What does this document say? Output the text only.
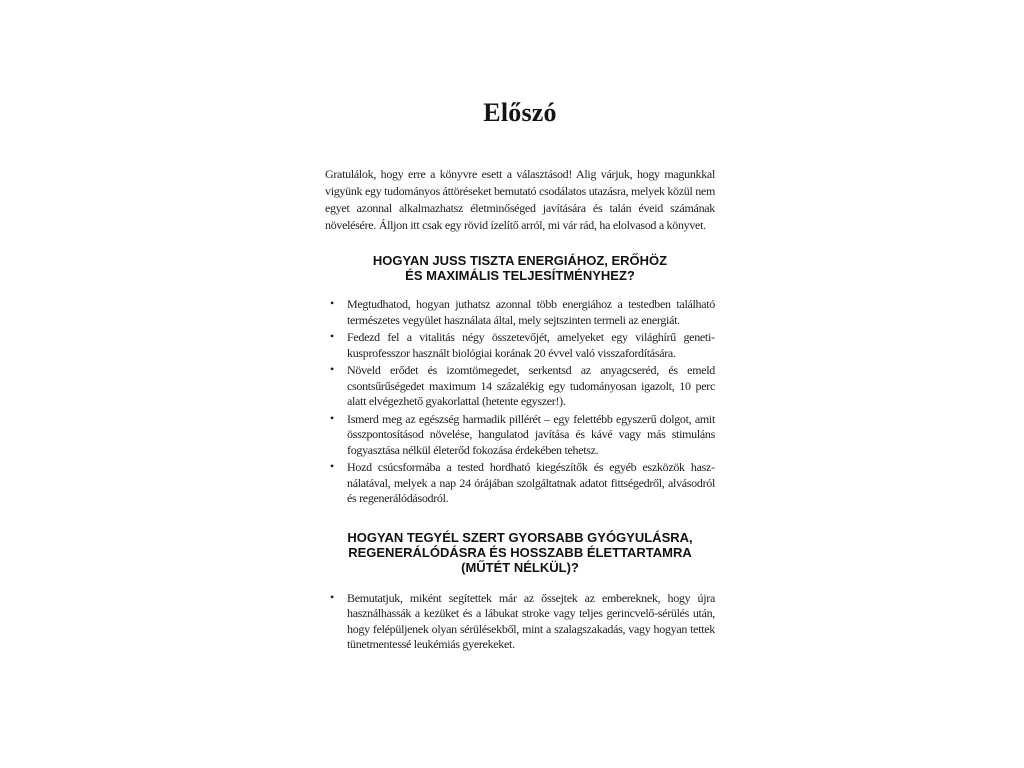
Előszó

Gratulálok, hogy erre a könyvre esett a választásod! Alig várjuk, hogy magunkkal vigyünk egy tudományos áttöréseket bemutató csodálatos utazásra, melyek közül nem egyet azonnal alkalmazhatsz életminőséged javítására és talán éveid számának növelésére. Álljon itt csak egy rövid ízelítő arról, mi vár rád, ha elolvasod a könyvet.

HOGYAN JUSS TISZTA ENERGIÁHOZ, ERŐHÖZ
ÉS MAXIMÁLIS TELJESÍTMÉNYHEZ?
• Megtudhatod, hogyan juthatsz azonnal több energiához a testedben található természetes vegyület használata által, mely sejtszinten termeli az energiát.
• Fedezd fel a vitalitás négy összetevőjét, amelyeket egy világhírű genetikusprofesszor használt biológiai korának 20 évvel való visszafordítására.
• Növeld erődet és izomtömegedet, serkentsd az anyagcseréd, és emeld csontsűrűségedet maximum 14 százalékig egy tudományosan igazolt, 10 perc alatt elvégezhető gyakorlattal (hetente egyszer!).
• Ismerd meg az egészség harmadik pillérét – egy felettébb egyszerű dolgot, amit összpontosításod növelése, hangulatod javítása és kávé vagy más stimuláns fogyasztása nélkül életerőd fokozása érdekében tehetsz.
• Hozd csúcsformába a tested hordható kiegészítők és egyéb eszközök használatával, melyek a nap 24 órájában szolgáltatnak adatot fittségedről, alvásodról és regenerálódásodról.
HOGYAN TEGYÉL SZERT GYORSABB GYÓGYULÁSRA,
REGENERÁLÓDÁSRA ÉS HOSSZABB ÉLETTARTAMRA
(MŰTÉT NÉLKÜL)?
• Bemutatjuk, miként segítettek már az őssejtek az embereknek, hogy újra használhassák a kezüket és a lábukat stroke vagy teljes gerincvelő-sérülés után, hogy felépüljenek olyan sérülésekből, mint a szalagszakadás, vagy hogyan tettek tünetmentessé leukémiás gyerekeket.
